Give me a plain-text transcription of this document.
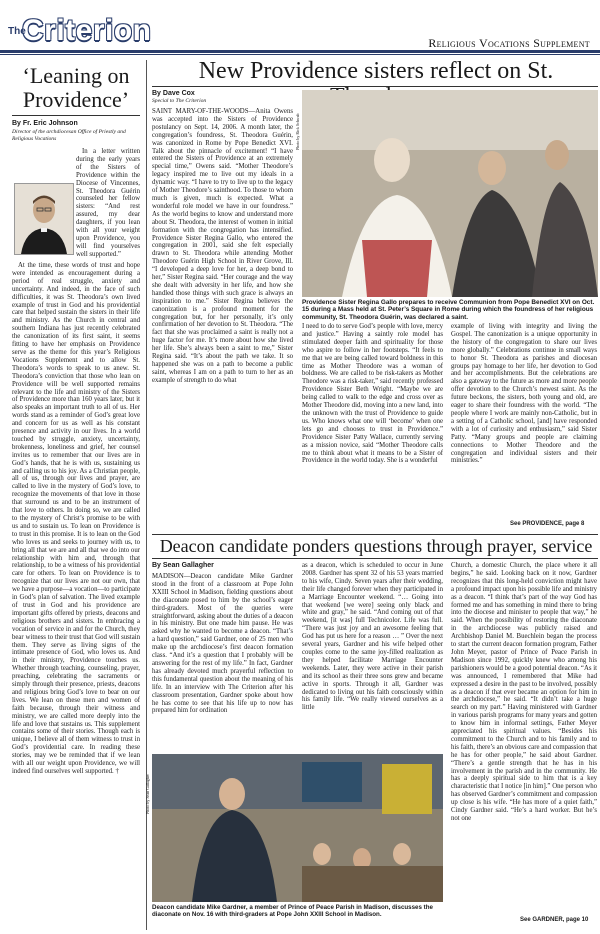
Criterion
The
Religious Vocations Supplement
‘Leaning on Providence’
By Fr. Eric Johnson
Director of the archdiocesan Office of Priestly and Religious Vocations

In a letter written during the early years of the Sisters of Providence within the Diocese of Vincennes, St. Theodora Guérin counseled her fellow sisters: “And rest assured, my dear daughters, if you lean with all your weight upon Providence, you will find yourselves well supported.”

At the time, these words of trust and hope were intended as encouragement during a period of real struggle, anxiety and uncertainty. And indeed, in the face of such difficulties, it was St. Theodora’s own lived example of trust in God and his providential care that helped sustain the sisters in their life and ministry. As the Church in central and southern Indiana has just recently celebrated the canonization of its first saint, it seems fitting to have her emphasis on Providence serve as the theme for this year’s Religious Vocations Supplement and to allow St. Theodora’s words to speak to us anew. St. Theodora’s conviction that those who lean on Providence will be well supported remains relevant to the life and ministry of the Sisters of Providence more than 160 years later, but it also speaks an important truth to all of us. Her words stand as a reminder of God’s great love and concern for us as well as his constant presence and activity in our lives. In a world touched by struggle, anxiety, uncertainty, brokenness, loneliness and grief, her counsel invites us to remember that our lives are in God’s hands, that he is with us, sustaining us and calling us to his joy. As a Christian people, all of us, through our lives and prayer, are called to live in the mystery of God’s love, to recognize the movements of that love in those that surround us and to be an instrument of that love to others. In doing so, we are called to the mystery of Christ’s promise to be with us and to sustain us. To lean on Providence is to trust in this promise. It is to lean on the God who loves us and seeks to journey with us, to bring all that we are and all that we do into our relationship with him and, through that relationship, to be a witness of his providential care for others. To lean on Providence is to recognize that our lives are not our own, that we have a purpose—a vocation—to participate in God’s plan of salvation. The lived example of trust in God and his providence are important gifts offered by priests, deacons and religious brothers and sisters. In embracing a vocation of service in and for the Church, they bear witness to their trust that God will sustain them. They serve as living signs of the intimate presence of God, who loves us. And in their ministry, Providence touches us. Whether through teaching, counseling, prayer, preaching, celebrating the sacraments or simply through their presence, priests, deacons and religious bring God’s love to bear on our lives. We lean on these men and women of faith because, through their witness and ministry, we are called more deeply into the life and love that sustains us. This supplement contains some of their stories. Though each is unique, I believe all of them witness to trust in God’s providential care. In reading these stories, may we be reminded that if we lean with all our weight upon Providence, we will indeed find ourselves well supported. †

New Providence sisters reflect on St.
By Dave Cox
Special to The Criterion

SAINT MARY-OF-THE-WOODS—Anita Owens was accepted into the Sisters of Providence postulancy on Sept. 14, 2006. A month later, the congregation’s foundress, St. Theodora Guérin, was canonized in Rome by Pope Benedict XVI. Talk about the pinnacle of excitement! “I have entered the Sisters of Providence at an extremely special time,” Owens said. “Mother Theodore’s legacy inspired me to live out my ideals in a dynamic way. “I have to try to live up to the legacy of Mother Theodore’s sainthood. To those to whom much is given, much is expected. What a wonderful role model we have in our foundress.” As the world begins to know and understand more about St. Theodora, the interest of women in initial formation with the congregation has intensified. Providence Sister Regina Gallo, who entered the congregation in 2001, said she felt especially drawn to St. Theodora while attending Mother Theodore Guérin High School in River Grove, Ill. “I developed a deep love for her, a deep bond to her,” Sister Regina said. “Her courage and the way she dealt with adversity in her life, and how she handled those things with such grace is always an inspiration to me.” Sister Regina believes the canonization is a profound moment for the congregation but, for her personally, it’s only confirmation of her devotion to St. Theodora. “The fact that she was proclaimed a saint is really not a huge factor for me. It’s more about how she lived her life. She’s always been a saint to me,” Sister Regina said. “It’s about the path we take. It so happened she was on a path to become a public saint, whereas I am on a path to turn to her as an example of strength to do what

Photo by Rick Schwab
Providence Sister Regina Gallo prepares to receive Communion from Pope Benedict XVI on Oct. 15 during a Mass held at St. Peter’s Square in Rome during which the foundress of her religious community, St. Theodora Guérin, was declared a saint.

I need to do to serve God’s people with love, mercy and justice.” Having a saintly role model has stimulated deeper faith and spirituality for those who aspire to follow in her footsteps. “It feels to me that we are being called toward boldness in this time as Mother Theodore was a woman of boldness. We are called to be risk-takers as Mother Theodore was a risk-taker,” said recently professed Providence Sister Beth Wright. “Maybe we are being called to walk to the edge and cross over as Mother Theodore did, moving into a new land, into the unknown with the trust of Providence to guide us. Who knows what one will ‘become’ when one lets go and chooses to trust in Providence.” Providence Sister Patty Wallace, currently serving as a mission novice, said “Mother Theodore calls me to think about what it means to be a Sister of Providence in the world today. She is a wonderful

example of living with integrity and living the Gospel. The canonization is a unique opportunity in the history of the congregation to share our lives more globally.” Celebrations continue in small ways to honor St. Theodora as parishes and diocesan groups pay homage to her life, her devotion to God and her accomplishments. But the celebrations are also a gateway to the future as more and more people offer devotion to the Church’s newest saint. As the future beckons, the sisters, both young and old, are eager to share their foundress with the world. “The people where I work are mainly non-Catholic, but in a setting of a Catholic school, [and] have responded with a lot of curiosity and enthusiasm,” said Sister Patty. “Many groups and people are claiming connections to Mother Theodore and the congregation and individual sisters and their ministries.”

See PROVIDENCE, page 8
Deacon candidate ponders questions through prayer, service
By Sean Gallagher

MADISON—Deacon candidate Mike Gardner stood in the front of a classroom at Pope John XXIII School in Madison, fielding questions about the diaconate posed to him by the school’s eager third-graders. Most of the queries were straightforward, asking about the duties of a deacon in his ministry. But one made him pause. He was asked why he wanted to become a deacon. “That’s a hard question,” said Gardner, one of 25 men who make up the archdiocese’s first deacon formation class. “And it’s a question that I probably will be answering for the rest of my life.” In fact, Gardner has already devoted much prayerful reflection to this fundamental question about the meaning of his life. In an interview with The Criterion after his classroom presentation, Gardner spoke about how he has come to see that his life up to now has prepared him for ordination

as a deacon, which is scheduled to occur in June 2008. Gardner has spent 32 of his 53 years married to his wife, Cindy. Seven years after their wedding, their life changed forever when they participated in a Marriage Encounter weekend. “… Going into that weekend [we were] seeing only black and white and gray,” he said. “And coming out of that weekend, [it was] full Technicolor. Life was full. “There was just joy and an awesome feeling that God has put us here for a reason … ” Over the next several years, Gardner and his wife helped other couples come to the same joy-filled realization as they helped facilitate Marriage Encounter weekends. Later, they were active in their parish and its school as their three sons grew and became active in sports. Through it all, Gardner was dedicated to living out his faith consciously within his family life. “We really viewed ourselves as a little

Church, a domestic Church, the place where it all begins,” he said. Looking back on it now, Gardner recognizes that this long-held conviction might have a profound impact upon his possible life and ministry as a deacon. “I think that’s part of the way God has formed me and has something in mind there to bring into the diocese and minister to people that way,” he said. When the possibility of restoring the diaconate in the archdiocese was publicly raised and Archbishop Daniel M. Buechlein began the process to start the current deacon formation program, Father John Meyer, pastor of Prince of Peace Parish in Madison since 1992, quickly knew who among his parishioners would be a good potential deacon. “As it was announced, I remembered that Mike had expressed a desire in the past to be involved, possibly as a deacon if that ever became an option for him in the archdiocese,” he said. “It didn’t take a huge search on my part.” Having ministered with Gardner in various parish programs for many years and gotten to know him in informal settings, Father Meyer appreciated his spiritual values. “Besides his commitment to the Church and to his family and to his faith, there’s an obvious care and compassion that he has for other people,” he said about Gardner. “There’s a gentle strength that he has in his involvement in the parish and in the community. He has a deeply spiritual side to him that is a key characteristic that I notice [in him].” One person who has observed Gardner’s commitment and compassion up close is his wife. “He has more of a quiet faith,” Cindy Gardner said. “He’s a hard worker. But he’s not one

Photo by Sean Gallagher
Deacon candidate Mike Gardner, a member of Prince of Peace Parish in Madison, discusses the diaconate on Nov. 16 with third-graders at Pope John XXIII School in Madison.
See GARDNER, page 10
